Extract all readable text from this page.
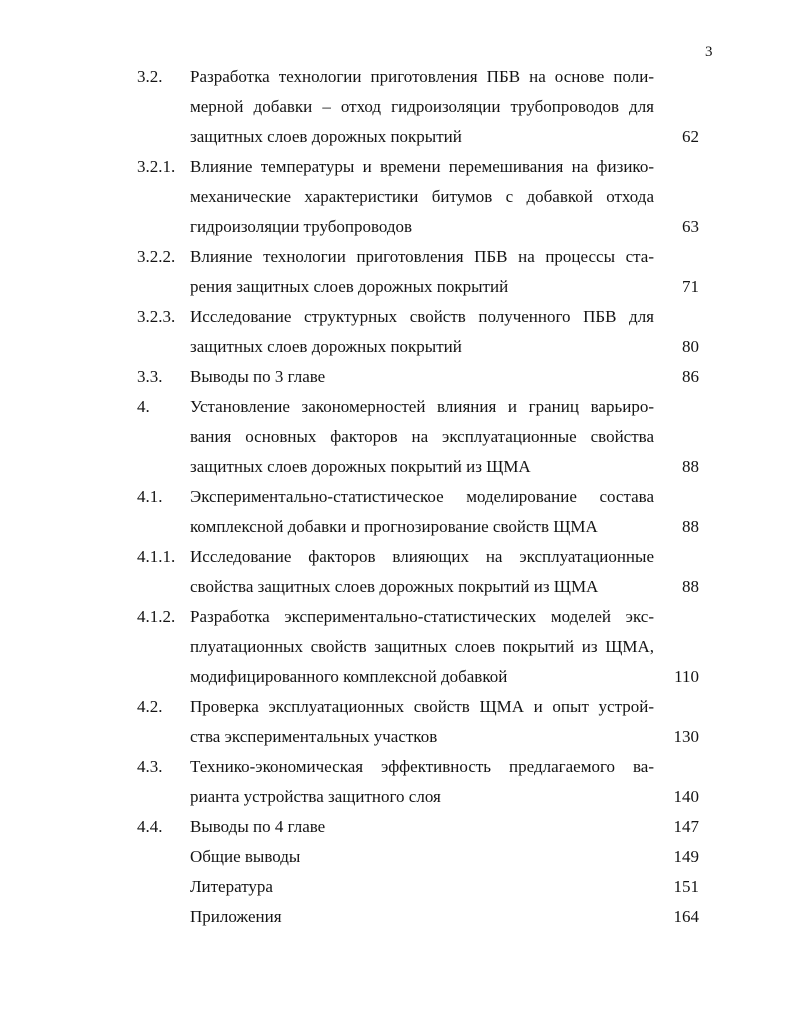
3
3.2. Разработка технологии приготовления ПБВ на основе поли-
мерной добавки – отход гидроизоляции трубопроводов для
защитных слоев дорожных покрытий	62
3.2.1. Влияние температуры и времени перемешивания на физико-
механические характеристики битумов с добавкой отхода
гидроизоляции трубопроводов	63
3.2.2. Влияние технологии приготовления ПБВ на процессы ста-
рения защитных слоев дорожных покрытий	71
3.2.3. Исследование структурных свойств полученного ПБВ для
защитных слоев дорожных покрытий	80
3.3. Выводы по 3 главе	86
4. Установление закономерностей влияния и границ варьиро-
вания основных факторов на эксплуатационные свойства
защитных слоев дорожных покрытий из ЩМА	88
4.1. Экспериментально-статистическое моделирование состава
комплексной добавки и прогнозирование свойств ЩМА	88
4.1.1. Исследование факторов влияющих на эксплуатационные
свойства защитных слоев дорожных покрытий из ЩМА	88
4.1.2. Разработка экспериментально-статистических моделей экс-
плуатационных свойств защитных слоев покрытий из ЩМА,
модифицированного комплексной добавкой	110
4.2. Проверка эксплуатационных свойств ЩМА и опыт устрой-
ства экспериментальных участков	130
4.3. Технико-экономическая эффективность предлагаемого ва-
рианта устройства защитного слоя	140
4.4. Выводы по 4 главе	147
Общие выводы	149
Литература	151
Приложения	164
